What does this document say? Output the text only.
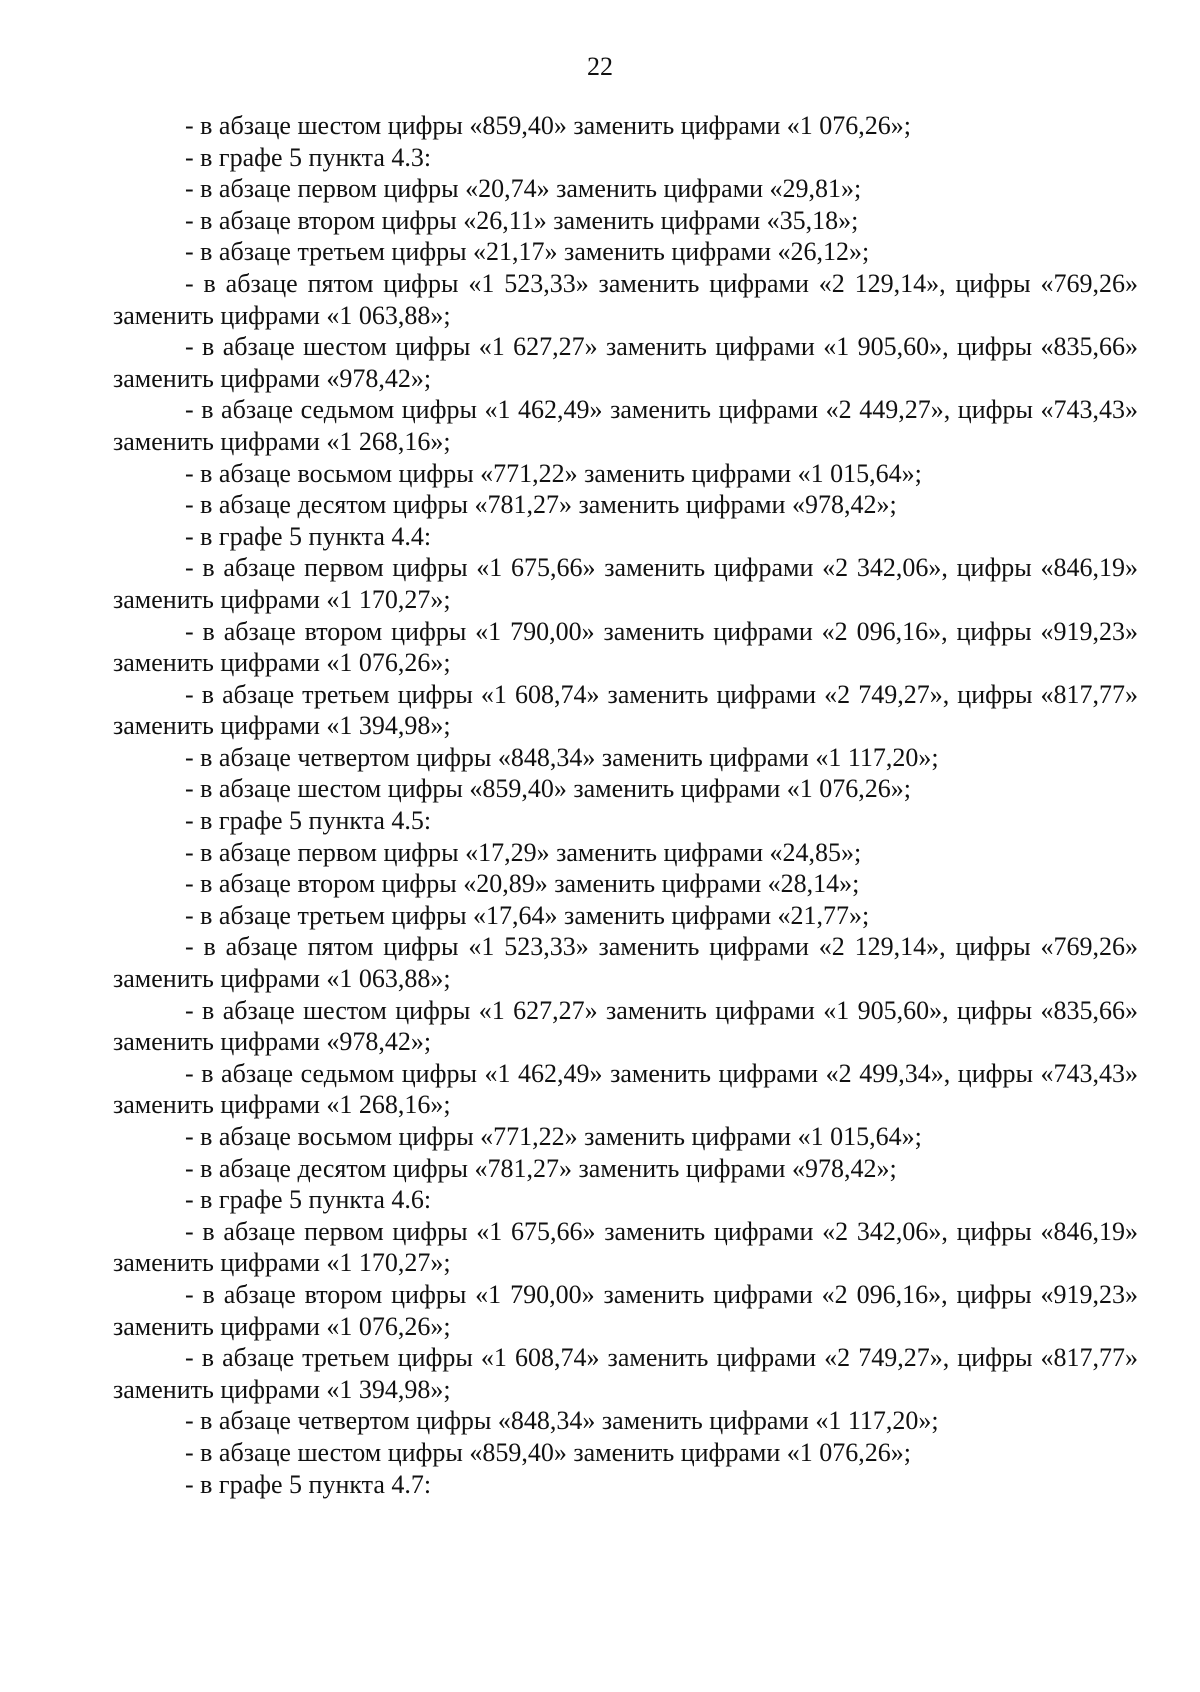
22

- в абзаце шестом цифры «859,40» заменить цифрами «1 076,26»;

- в графе 5 пункта 4.3:

- в абзаце первом цифры «20,74» заменить цифрами «29,81»;

- в абзаце втором цифры «26,11» заменить цифрами «35,18»;

- в абзаце третьем цифры «21,17» заменить цифрами «26,12»;

- в абзаце пятом цифры «1 523,33» заменить цифрами «2 129,14», цифры «769,26» заменить цифрами «1 063,88»;

- в абзаце шестом цифры «1 627,27» заменить цифрами «1 905,60», цифры «835,66» заменить цифрами «978,42»;

- в абзаце седьмом цифры «1 462,49» заменить цифрами «2 449,27», цифры «743,43» заменить цифрами «1 268,16»;

- в абзаце восьмом цифры «771,22» заменить цифрами «1 015,64»;

- в абзаце десятом цифры «781,27» заменить цифрами «978,42»;

- в графе 5 пункта 4.4:

- в абзаце первом цифры «1 675,66» заменить цифрами «2 342,06», цифры «846,19» заменить цифрами «1 170,27»;

- в абзаце втором цифры «1 790,00» заменить цифрами «2 096,16», цифры «919,23» заменить цифрами «1 076,26»;

- в абзаце третьем цифры «1 608,74» заменить цифрами «2 749,27», цифры «817,77» заменить цифрами «1 394,98»;

- в абзаце четвертом цифры «848,34» заменить цифрами «1 117,20»;

- в абзаце шестом цифры «859,40» заменить цифрами «1 076,26»;

- в графе 5 пункта 4.5:

- в абзаце первом цифры «17,29» заменить цифрами «24,85»;

- в абзаце втором цифры «20,89» заменить цифрами «28,14»;

- в абзаце третьем цифры «17,64» заменить цифрами «21,77»;

- в абзаце пятом цифры «1 523,33» заменить цифрами «2 129,14», цифры «769,26» заменить цифрами «1 063,88»;

- в абзаце шестом цифры «1 627,27» заменить цифрами «1 905,60», цифры «835,66» заменить цифрами «978,42»;

- в абзаце седьмом цифры «1 462,49» заменить цифрами «2 499,34», цифры «743,43» заменить цифрами «1 268,16»;

- в абзаце восьмом цифры «771,22» заменить цифрами «1 015,64»;

- в абзаце десятом цифры «781,27» заменить цифрами «978,42»;

- в графе 5 пункта 4.6:

- в абзаце первом цифры «1 675,66» заменить цифрами «2 342,06», цифры «846,19» заменить цифрами «1 170,27»;

- в абзаце втором цифры «1 790,00» заменить цифрами «2 096,16», цифры «919,23» заменить цифрами «1 076,26»;

- в абзаце третьем цифры «1 608,74» заменить цифрами «2 749,27», цифры «817,77» заменить цифрами «1 394,98»;

- в абзаце четвертом цифры «848,34» заменить цифрами «1 117,20»;

- в абзаце шестом цифры «859,40» заменить цифрами «1 076,26»;

- в графе 5 пункта 4.7:
